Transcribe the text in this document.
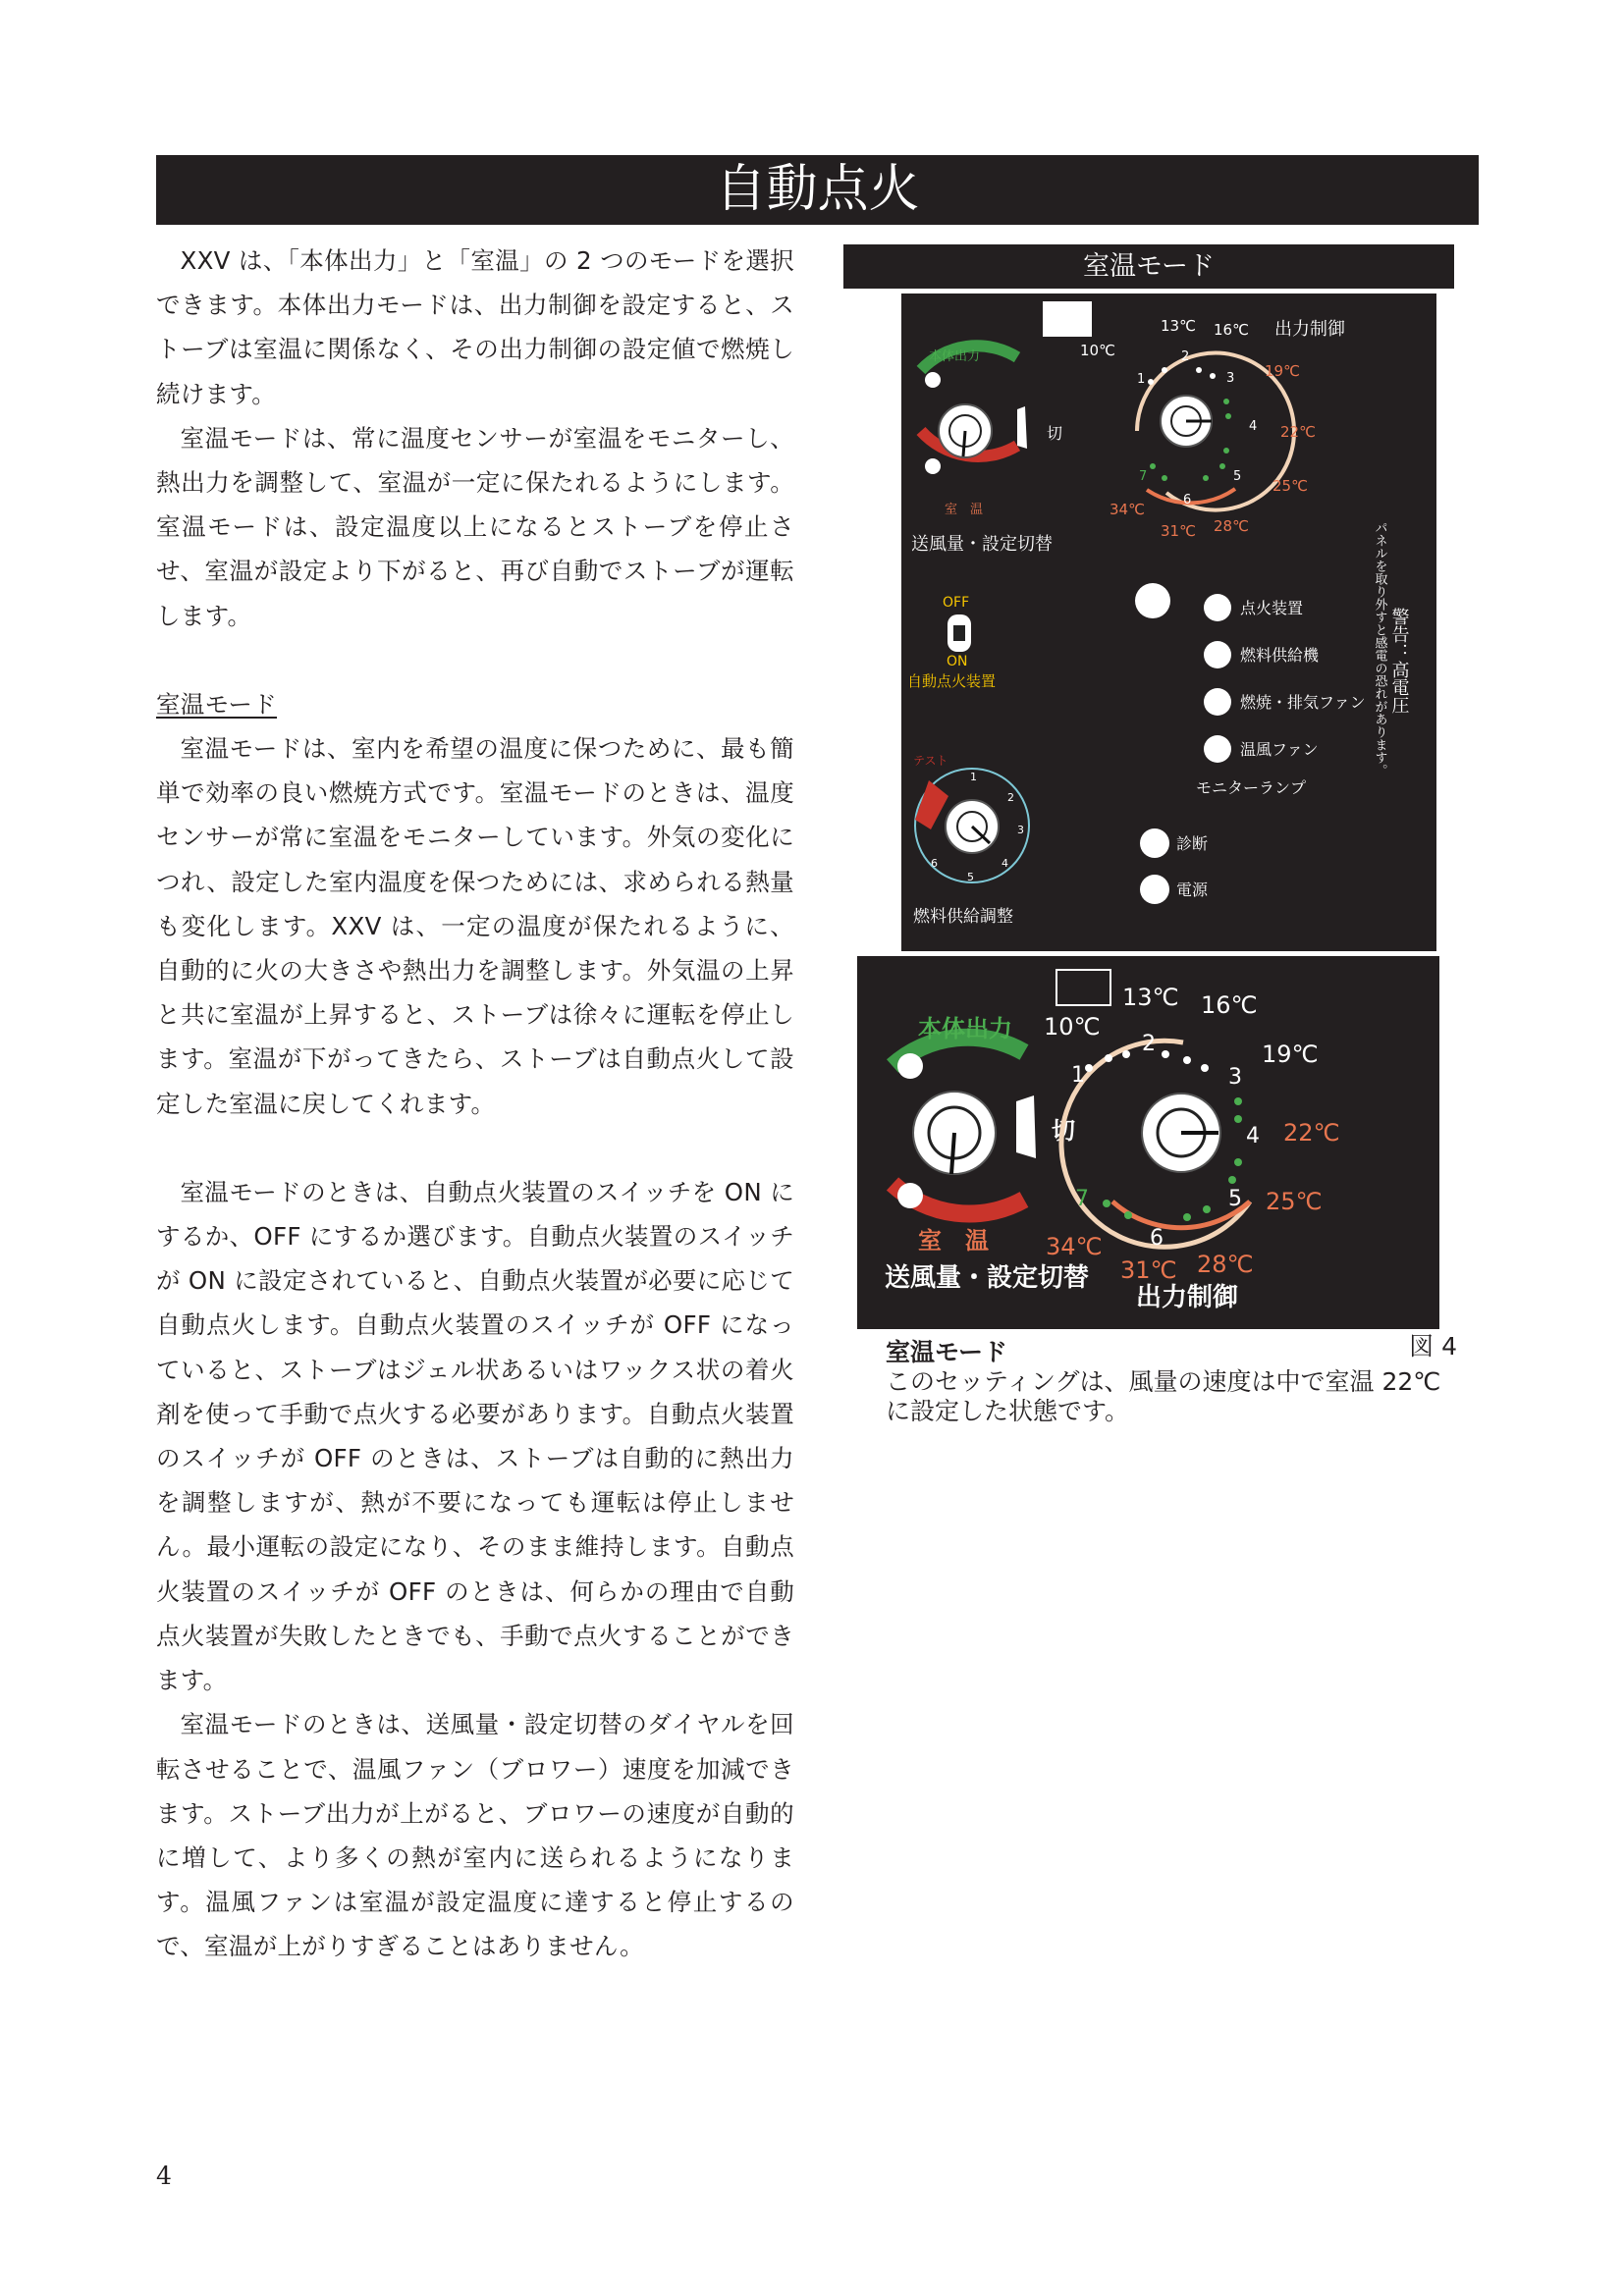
自動点火

XXV は、「本体出力」と「室温」の 2 つのモードを選択できます。本体出力モードは、出力制御を設定すると、ストーブは室温に関係なく、その出力制御の設定値で燃焼し続けます。

室温モードは、常に温度センサーが室温をモニターし、熱出力を調整して、室温が一定に保たれるようにします。室温モードは、設定温度以上になるとストーブを停止させ、室温が設定より下がると、再び自動でストーブが運転します。

室温モード

室温モードは、室内を希望の温度に保つために、最も簡単で効率の良い燃焼方式です。室温モードのときは、温度センサーが常に室温をモニターしています。外気の変化につれ、設定した室内温度を保つためには、求められる熱量も変化します。XXV は、一定の温度が保たれるように、自動的に火の大きさや熱出力を調整します。外気温の上昇と共に室温が上昇すると、ストーブは徐々に運転を停止します。室温が下がってきたら、ストーブは自動点火して設定した室温に戻してくれます。

室温モードのときは、自動点火装置のスイッチを ON にするか、OFF にするか選びます。自動点火装置のスイッチが ON に設定されていると、自動点火装置が必要に応じて自動点火します。自動点火装置のスイッチが OFF になっていると、ストーブはジェル状あるいはワックス状の着火剤を使って手動で点火する必要があります。自動点火装置のスイッチが OFF のときは、ストーブは自動的に熱出力を調整しますが、熱が不要になっても運転は停止しません。最小運転の設定になり、そのまま維持します。自動点火装置のスイッチが OFF のときは、何らかの理由で自動点火装置が失敗したときでも、手動で点火することができます。

室温モードのときは、送風量・設定切替のダイヤルを回転させることで、温風ファン（ブロワー）速度を加減できます。ストーブ出力が上がると、ブロワーの速度が自動的に増して、より多くの熱が室内に送られるようになります。温風ファンは室温が設定温度に達すると停止するので、室温が上がりすぎることはありません。

室温モード
本体出力
室　温
切
送風量・設定切替
10℃
13℃ 16℃
19℃
22℃
25℃
28℃
31℃
34℃
1
2
3
4
5
6
7
出力制御
OFF
ON
自動点火装置
点火装置
燃料供給機
燃焼・排気ファン
温風ファン
モニターランプ
警告：高電圧
パネルを取り外すと感電の恐れがあります。
テスト
1
2
3
4
5
6
燃料供給調整
診断
電源
本体出力
室　温
切
送風量・設定切替
10℃
13℃ 16℃
19℃
22℃
25℃
28℃
31℃
34℃
1
2
3
4
5
6
7
出力制御
図 4
室温モード
このセッティングは、風量の速度は中で室温 22℃に設定した状態です。
4
